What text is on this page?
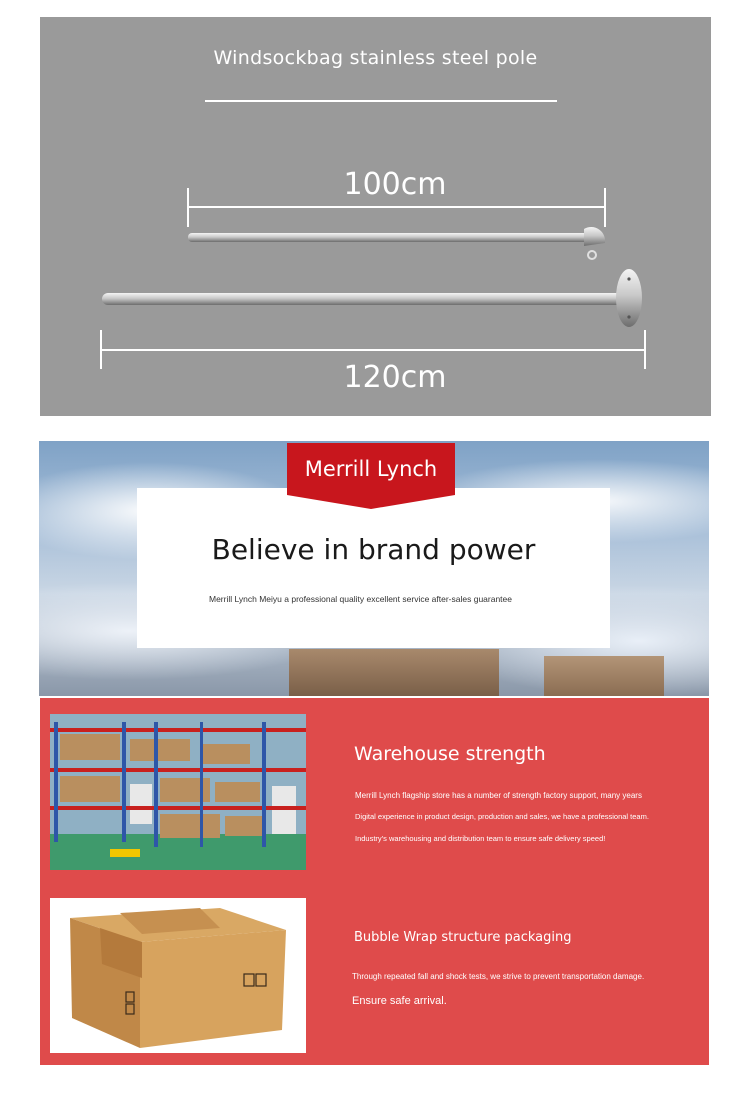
Windsockbag stainless steel pole
100cm
120cm
Merrill Lynch
Believe in brand power
Merrill Lynch Meiyu a professional quality excellent service after-sales guarantee
Warehouse strength
Merrill Lynch flagship store has a number of strength factory support, many years
Digital experience in product design, production and sales, we have a professional team.
Industry's warehousing and distribution team to ensure safe delivery speed!
Bubble Wrap structure packaging
Through repeated fall and shock tests, we strive to prevent transportation damage.
Ensure safe arrival.
